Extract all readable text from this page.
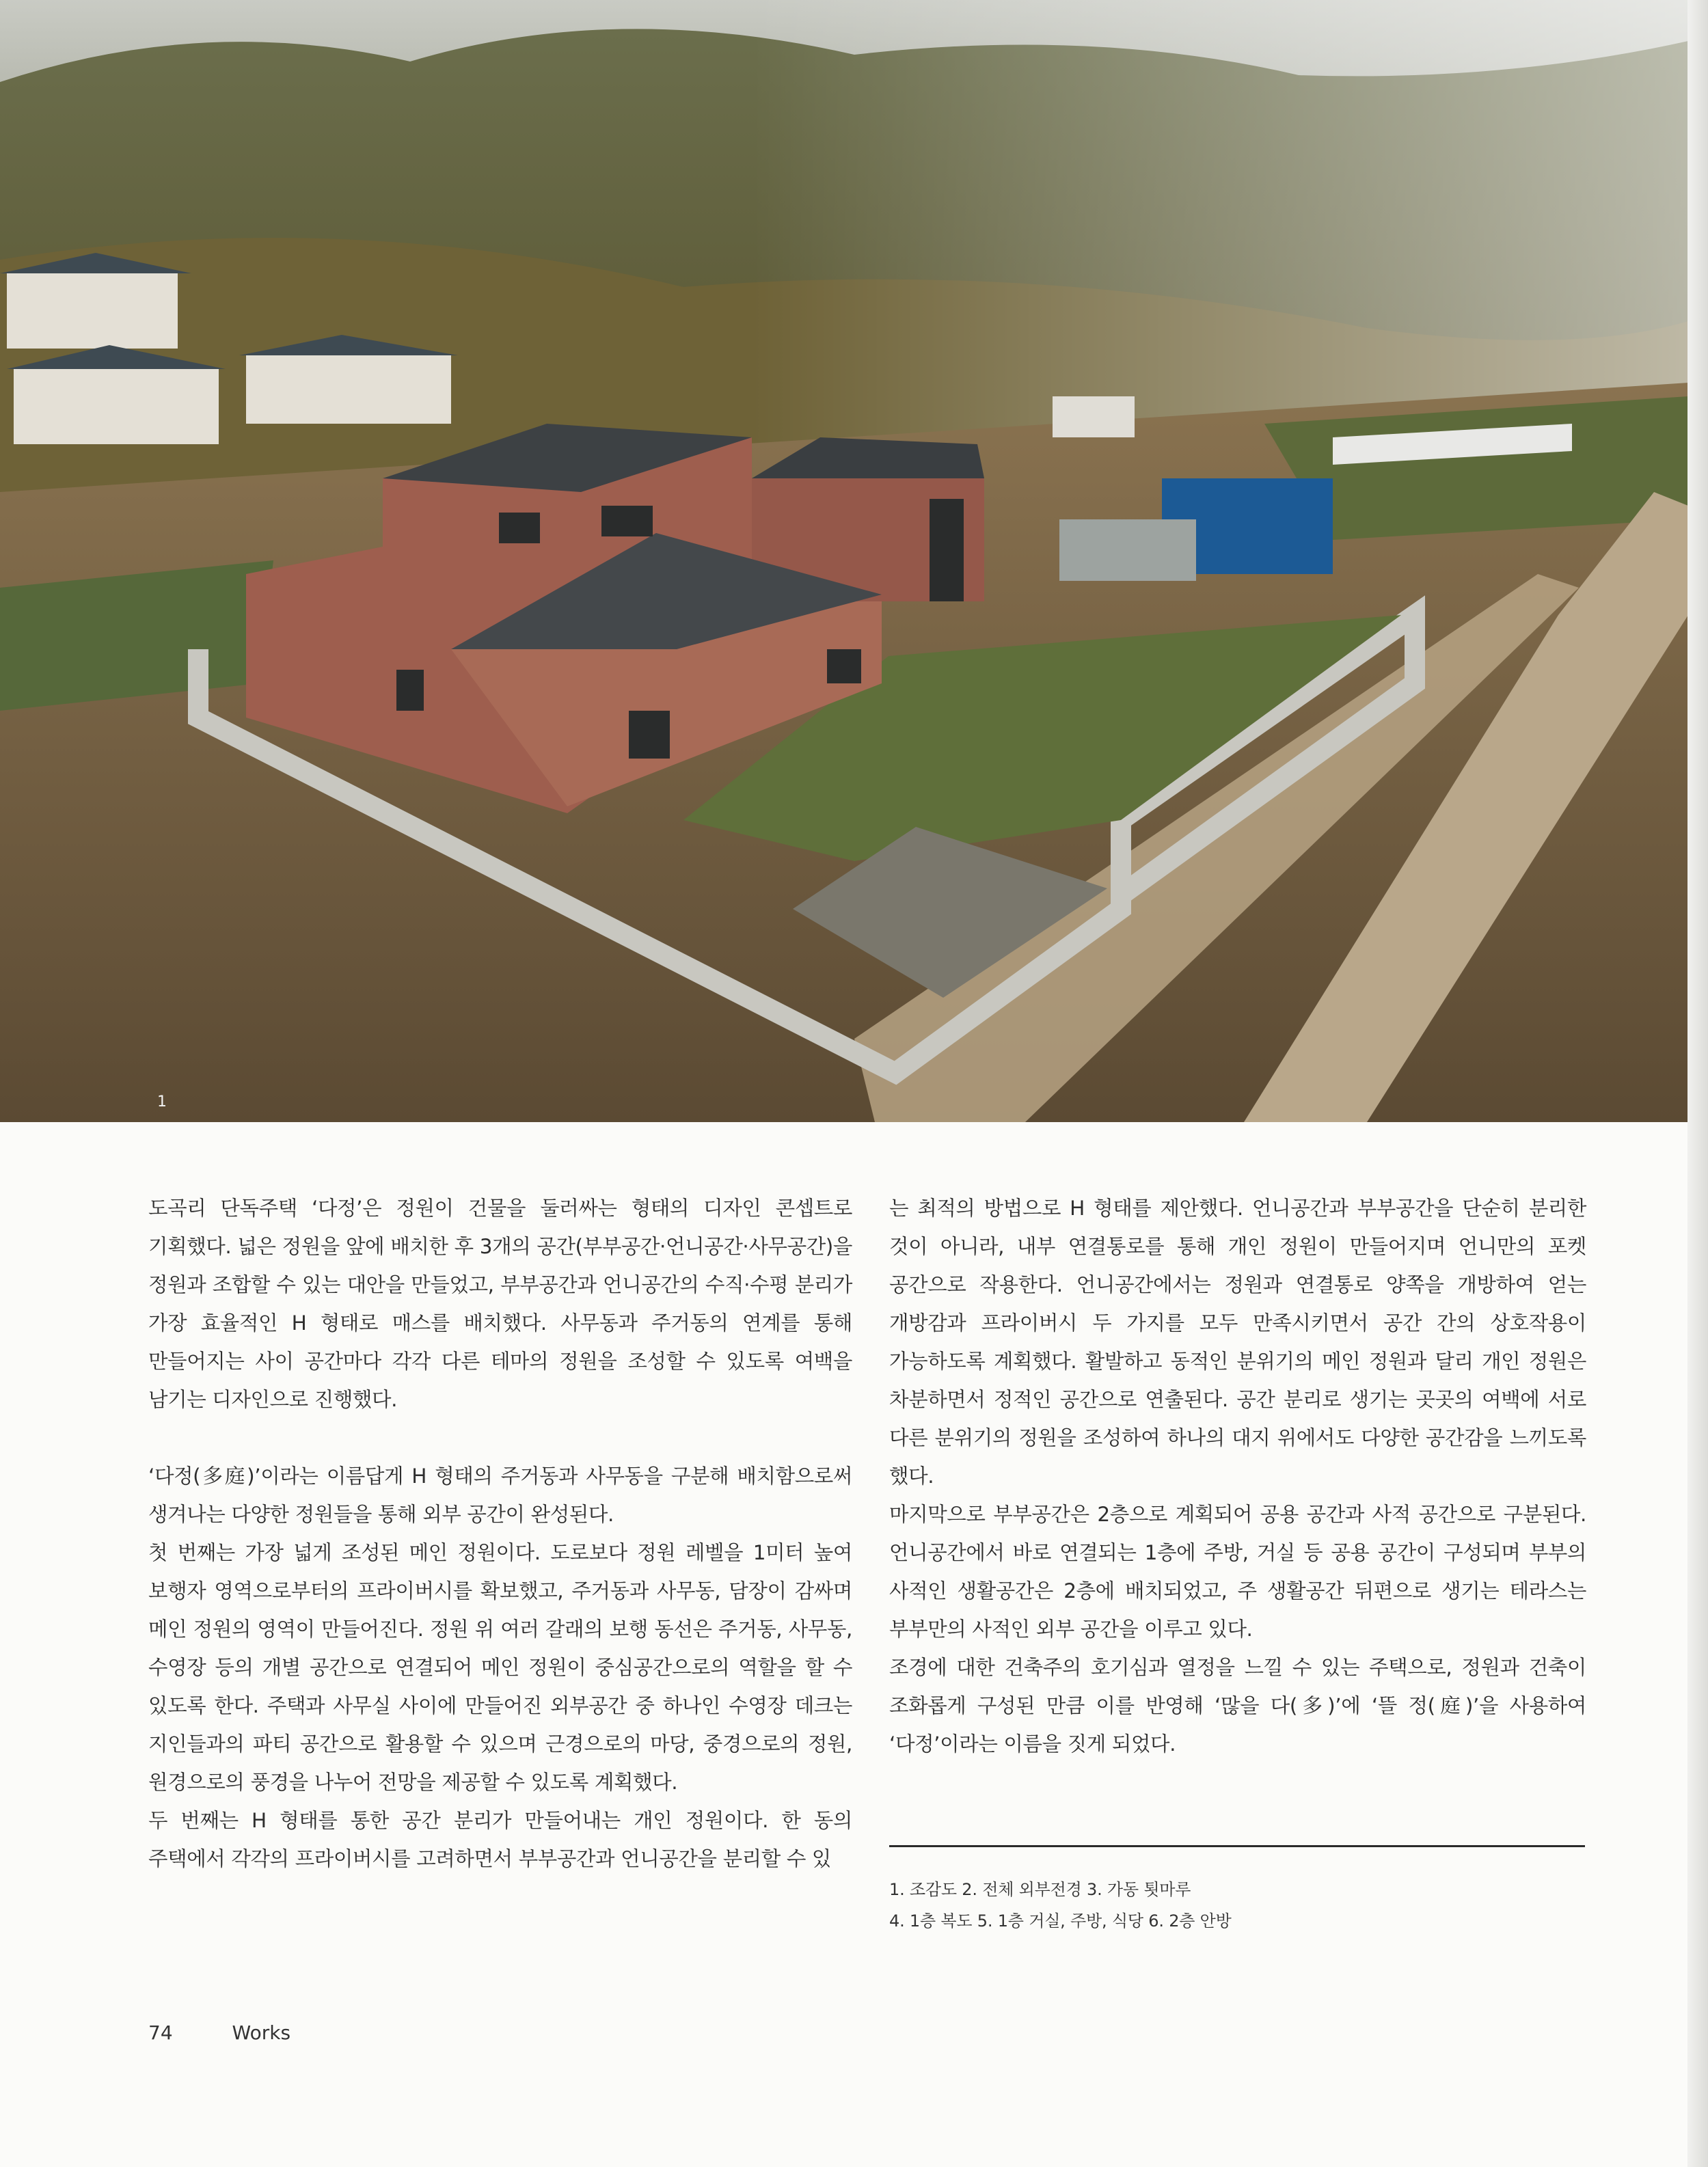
1

도곡리 단독주택 ‘다정’은 정원이 건물을 둘러싸는 형태의 디자인 콘셉트로 기획했다. 넓은 정원을 앞에 배치한 후 3개의 공간(부부공간·언니공간·사무공간)을 정원과 조합할 수 있는 대안을 만들었고, 부부공간과 언니공간의 수직·수평 분리가 가장 효율적인 H 형태로 매스를 배치했다. 사무동과 주거동의 연계를 통해 만들어지는 사이 공간마다 각각 다른 테마의 정원을 조성할 수 있도록 여백을 남기는 디자인으로 진행했다.

‘다정(多庭)’이라는 이름답게 H 형태의 주거동과 사무동을 구분해 배치함으로써 생겨나는 다양한 정원들을 통해 외부 공간이 완성된다.

첫 번째는 가장 넓게 조성된 메인 정원이다. 도로보다 정원 레벨을 1미터 높여 보행자 영역으로부터의 프라이버시를 확보했고, 주거동과 사무동, 담장이 감싸며 메인 정원의 영역이 만들어진다. 정원 위 여러 갈래의 보행 동선은 주거동, 사무동, 수영장 등의 개별 공간으로 연결되어 메인 정원이 중심공간으로의 역할을 할 수 있도록 한다. 주택과 사무실 사이에 만들어진 외부공간 중 하나인 수영장 데크는 지인들과의 파티 공간으로 활용할 수 있으며 근경으로의 마당, 중경으로의 정원, 원경으로의 풍경을 나누어 전망을 제공할 수 있도록 계획했다.

두 번째는 H 형태를 통한 공간 분리가 만들어내는 개인 정원이다. 한 동의 주택에서 각각의 프라이버시를 고려하면서 부부공간과 언니공간을 분리할 수 있

는 최적의 방법으로 H 형태를 제안했다. 언니공간과 부부공간을 단순히 분리한 것이 아니라, 내부 연결통로를 통해 개인 정원이 만들어지며 언니만의 포켓 공간으로 작용한다. 언니공간에서는 정원과 연결통로 양쪽을 개방하여 얻는 개방감과 프라이버시 두 가지를 모두 만족시키면서 공간 간의 상호작용이 가능하도록 계획했다. 활발하고 동적인 분위기의 메인 정원과 달리 개인 정원은 차분하면서 정적인 공간으로 연출된다. 공간 분리로 생기는 곳곳의 여백에 서로 다른 분위기의 정원을 조성하여 하나의 대지 위에서도 다양한 공간감을 느끼도록 했다.

마지막으로 부부공간은 2층으로 계획되어 공용 공간과 사적 공간으로 구분된다. 언니공간에서 바로 연결되는 1층에 주방, 거실 등 공용 공간이 구성되며 부부의 사적인 생활공간은 2층에 배치되었고, 주 생활공간 뒤편으로 생기는 테라스는 부부만의 사적인 외부 공간을 이루고 있다.

조경에 대한 건축주의 호기심과 열정을 느낄 수 있는 주택으로, 정원과 건축이 조화롭게 구성된 만큼 이를 반영해 ‘많을 다(多)’에 ‘뜰 정(庭)’을 사용하여 ‘다정’이라는 이름을 짓게 되었다.

1. 조감도 2. 전체 외부전경 3. 가동 툇마루
4. 1층 복도 5. 1층 거실, 주방, 식당 6. 2층 안방
74	Works
